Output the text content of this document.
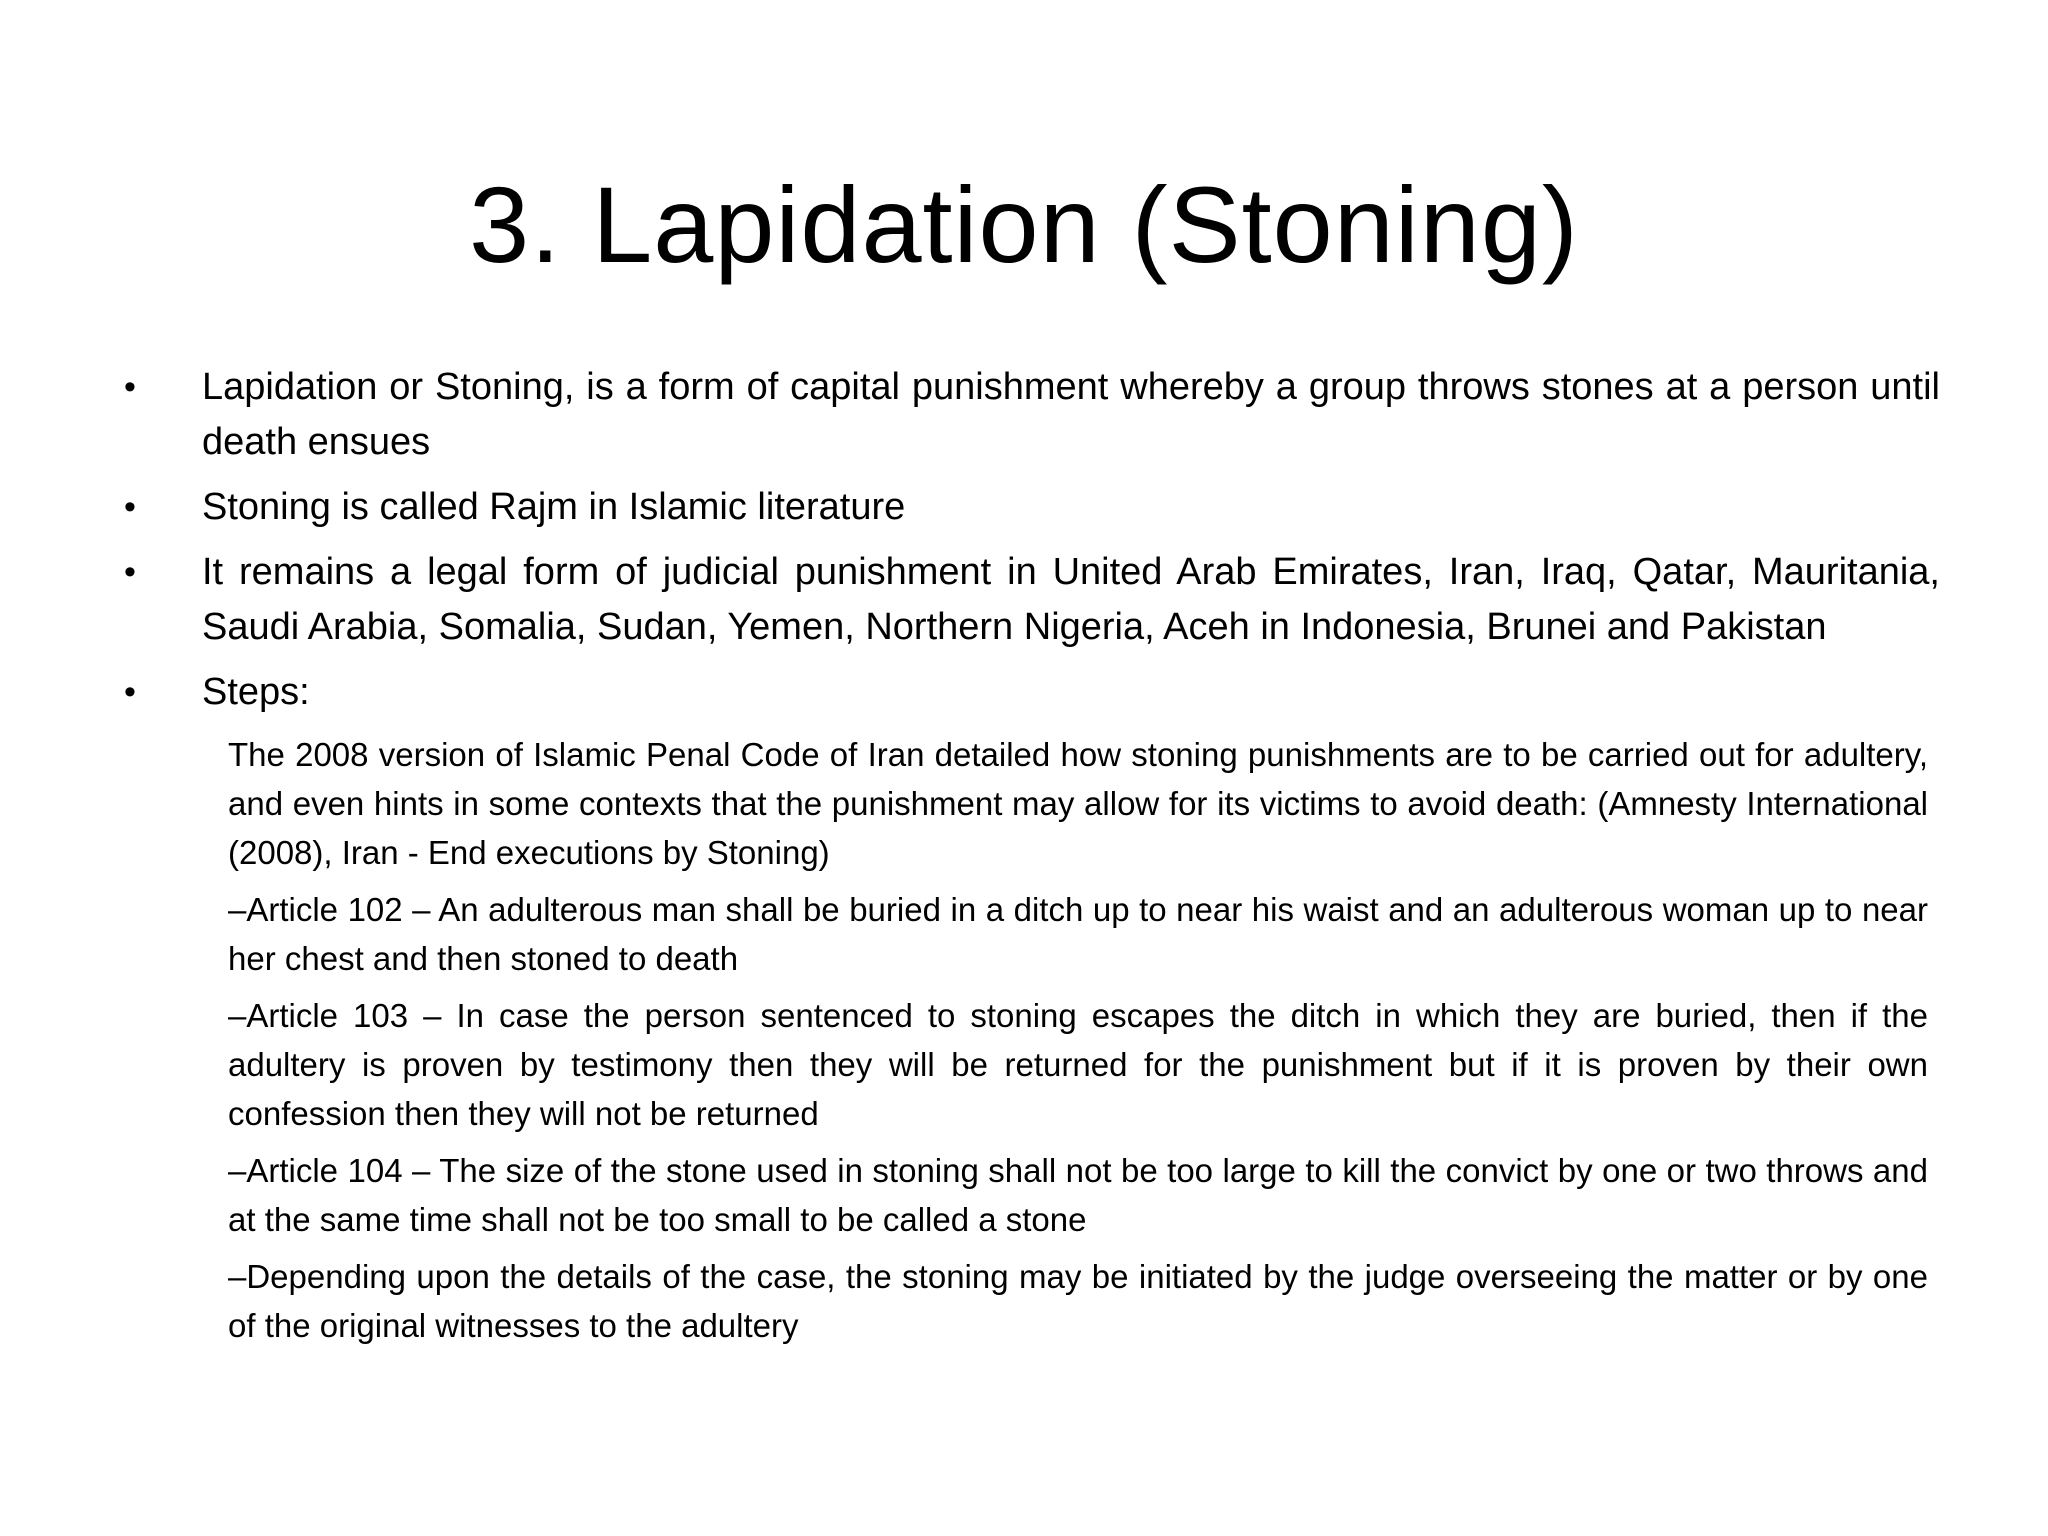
3. Lapidation (Stoning)
• Lapidation or Stoning, is a form of capital punishment whereby a group throws stones at a person until death ensues
• Stoning is called Rajm in Islamic literature
• It remains a legal form of judicial punishment in United Arab Emirates, Iran, Iraq, Qatar, Mauritania, Saudi Arabia, Somalia, Sudan, Yemen, Northern Nigeria, Aceh in Indonesia, Brunei and Pakistan
• Steps:
The 2008 version of Islamic Penal Code of Iran detailed how stoning punishments are to be carried out for adultery, and even hints in some contexts that the punishment may allow for its victims to avoid death: (Amnesty International (2008), Iran - End executions by Stoning)
–Article 102 – An adulterous man shall be buried in a ditch up to near his waist and an adulterous woman up to near her chest and then stoned to death
–Article 103 – In case the person sentenced to stoning escapes the ditch in which they are buried, then if the adultery is proven by testimony then they will be returned for the punishment but if it is proven by their own confession then they will not be returned
–Article 104 – The size of the stone used in stoning shall not be too large to kill the convict by one or two throws and at the same time shall not be too small to be called a stone
–Depending upon the details of the case, the stoning may be initiated by the judge overseeing the matter or by one of the original witnesses to the adultery
